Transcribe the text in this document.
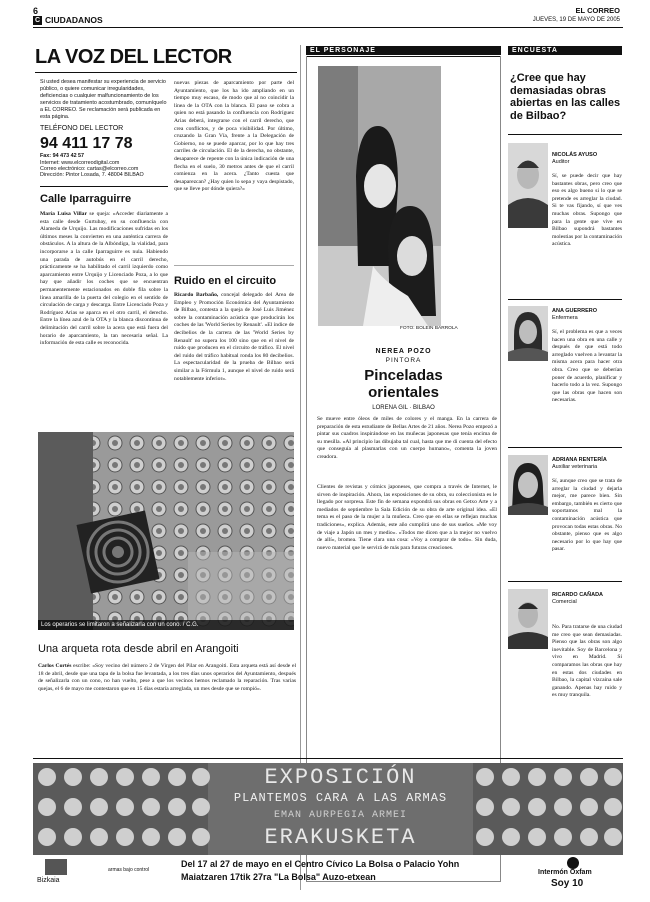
6
C CIUDADANOS
EL CORREO
JUEVES, 19 DE MAYO DE 2005
LA VOZ DEL LECTOR
Si usted desea manifestar su experiencia de servicio público, o quiere comunicar irregularidades, deficiencias o cualquier malfuncionamiento de los servicios de tratamiento acostumbrado, comuníquelo a EL CORREO. Se reclamación será publicada en esta página.
TELÉFONO DEL LECTOR
94 411 17 78
Fax: 94 473 42 57
Internet: www.elcorreodigital.com
Correo electrónico: cartas@elcorreo.com
Dirección: Pintor Losada, 7. 48004 BILBAO
Calle Iparraguirre
María Luisa Villar se queja: «Acceder diariamente a esta calle desde Gurtubay, en su confluencia con Alameda de Urquijo. Las modificaciones sufridas en los últimos meses la convierten en una auténtica carrera de obstáculos. A la altura de la Albóndiga, la vialidad, para incorporarse a la calle Iparraguirre es nula. Habiendo una parada de autobús en el carril derecho, prácticamente se ha habilitado el carril izquierdo como aparcamiento entre Urquijo y Licenciado Poza, a lo que hay que añadir los coches que se encuentran permanentemente estacionados en doble fila sobre la línea amarilla de la puerta del colegio en el sentido de circulación de carga y descarga. Entre Licenciado Poza y Rodríguez Arias se aparca en el otro carril, el derecho. Entre la línea azul de la OTA y la blanca discontinua de delimitación del carril sobre la acera que está fuera del horario de aparcamiento, la tan necesaria señal. La información de esta calle es reconocida.
nuevas piezas de aparcamiento por parte del Ayuntamiento, que los ha ido ampliando en un tiempo muy escaso, de modo que al no coincidir la línea de la OTA con la blanca. El paso se cobra a quien no está pasando la confluencia con Rodríguez Arias deberá, integrarse con el carril derecho, que crea conflictos, y de poca visibilidad. Por último, cruzando la Gran Vía, frente a la Delegación de Gobierno, no se puede aparcar, por lo que hay tres carriles de circulación. El de la derecha, no obstante, desaparece de repente con la única indicación de una flecha en el suelo, 30 metros antes de que el carril comienza en la acera. ¿Tanto cuesta que desaparezcan? ¿Hay quien lo sepa y vaya despistado, que se lleve por dónde quiera?»
Ruido en el circuito
Ricardo Barbaño, concejal delegado del Área de Empleo y Promoción Económica del Ayuntamiento de Bilbao, contesta a la queja de José Luis Jiménez sobre la contaminación acústica que producirán los coches de las 'World Series by Renault'. «El índice de decibelios de la carrera de las 'World Series by Renault' no supera los 100 sino que en el nivel de ruido que producen en el circuito de tráfico. El nivel del ruido del tráfico habitual ronda los 80 decibelios. La espectacularidad de la prueba de Bilbao será similar a la Fórmula 1, aunque el nivel de ruido será notablemente inferior».
Los operarios se limitaron a señalizarla con un cono. / C.G.
Una arqueta rota desde abril en Arangoiti
Carlos Cortés escribe: «Soy vecino del número 2 de Virgen del Pilar en Arangoiti. Esta arqueta está así desde el 18 de abril, desde que una tapa de la bolsa fue levantada, a los tres días unos operarios del Ayuntamiento, después de señalizarla con un cono, no han vuelto, pese a que los vecinos hemos reclamado la reparación. Tras varias quejas, el 6 de mayo me contestaron que en 15 días estaría arreglada, un mes desde que se rompió».
EL PERSONAJE
FOTO: BOLEIN BARROLA
NEREA POZO
PINTORA
Pinceladas
orientales
LORENA GIL · BILBAO
Se mueve entre óleos de miles de colores y el manga. En la carrera de preparación de esta estudiante de Bellas Artes de 21 años. Nerea Pozo empezó a pintar sus cuadros inspirándose en las muñecas japonesas que tenía encima de su mesilla. «Al principio las dibujaba tal cual, hasta que me di cuenta del efecto que conseguía al plasmarlas con un cuerpo humano», comenta la joven creadora.
Clientes de revistas y cómics japoneses, que compra a través de Internet, le sirven de inspiración. Ahora, las exposiciones de su obra, su coleccionista es le llegado por sorpresa. Este fin de semana expondrá sus obras en Getxo Arte y a mediados de septiembre la Sala Edición de su obra de arte original idea. «El tema es el paso de la mujer a la muñeca. Creo que en ellas se reflejan muchas tradiciones», explica. Además, este año cumplirá uno de sus sueños. «Me voy de viaje a Japón un mes y medio». «Todos me dicen que a la mejor no vuelvo de allí», bromea. Tiene clara una cosa: «Voy a comprar de todo». Sin duda, nuevo material que le servirá de más para futuras creaciones.
ENCUESTA
¿Cree que hay demasiadas obras abiertas en las calles de Bilbao?
NICOLÁS AYUSO
Auditor
Sí, se puede decir que hay bastantes obras, pero creo que eso es algo bueno si lo que se pretende es arreglar la ciudad. Si te vas fijando, sí que ves muchas obras. Supongo que para la gente que vive en Bilbao supondrá bastantes molestias por la contaminación acústica.
ANA GUERRERO
Enfermera
Sí, el problema es que a veces hacen una obra en una calle y después de que está todo arreglado vuelven a levantar la misma acera para hacer otra obra. Creo que se deberían poner de acuerdo, planificar y hacerlo todo a la vez. Supongo que las obras que hacen son necesarias.
ADRIANA RENTERÍA
Auxiliar veterinaria
Sí, aunque creo que se trata de arreglar la ciudad y dejarla mejor, me parece bien. Sin embargo, también es cierto que soportamos mal la contaminación acústica que provocan todas estas obras. No obstante, pienso que es algo necesario por lo que hay que pasar.
RICARDO CAÑADA
Comercial
No. Para tratarse de una ciudad me creo que sean demasiadas. Pienso que las obras son algo inevitable. Soy de Barcelona y vivo en Madrid. Si comparamos las obras que hay en estas dos ciudades en Bilbao, la capital vizcaína sale ganando. Apenas hay ruido y es muy tranquila.
EXPOSICIÓN
PLANTEMOS CARA A LAS ARMAS
EMAN AURPEGIA ARMEI
ERAKUSKETA
Bizkaia
armas bajo control
Del 17 al 27 de mayo en el Centro Cívico La Bolsa o Palacio Yohn
Maiatzaren 17tik 27ra "La Bolsa" Auzo-etxean	Intermón Oxfam
Soy 10
